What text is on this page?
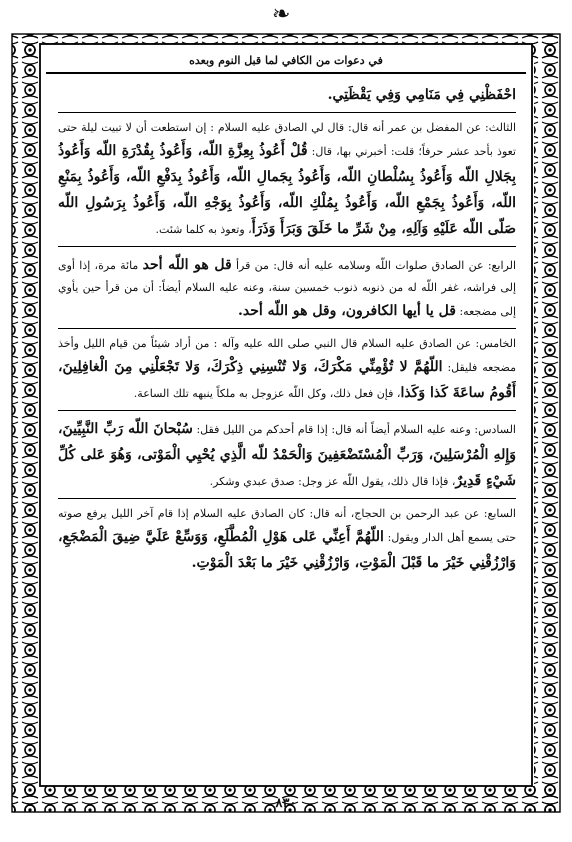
❧
في دعوات من الكافي لما قبل النوم وبعده

احْفَظْنِي فِي مَنَامِي وَفِي يَقْظَتِي.

الثالث: عن المفضل بن عمر أنه قال: قال لي الصادق عليه السلام : إن استطعت أن لا تبيت ليلة حتى تعوذ بأحد عشر حرفاً؛ قلت: أخبرني بها، قال: قُلْ أَعُوذُ بِعِزَّةِ اللّه، وَأَعُوذُ بِقُدْرَةِ اللّه وَأَعُوذُ بِجَلالِ اللّه وَأَعُوذُ بِسُلْطانِ اللّه، وَأَعُوذُ بِجَمالِ اللّه، وَأَعُوذُ بِدَفْعِ اللّه، وَأَعُوذُ بِمَنْعِ اللّه، وَأَعُوذُ بِجَمْعِ اللّه، وَأَعُوذُ بِمُلْكِ اللّه، وَأَعُوذُ بِوَجْهِ اللّه، وَأَعُوذُ بِرَسُولِ اللّه صَلّى اللّه عَلَيْهِ وَآلِهِ، مِنْ شَرِّ ما خَلَقَ وَبَرَأَ وَذَرَأَ، وتعوذ به كلما شئت.

الرابع: عن الصادق صلوات اللّه وسلامه عليه أنه قال: من قرأ قل هو اللّه أحد مائة مرة، إذا أوى إلى فراشه، غفر اللّه له من ذنوبه ذنوب خمسين سنة، وعنه عليه السلام أيضاً: أن من قرأ حين يأوي إلى مضجعه: قل يا أيها الكافرون، وقل هو اللّه أحد.

الخامس: عن الصادق عليه السلام قال النبي صلى الله عليه وآله : من أراد شيئاً من قيام الليل وأخذ مضجعه فليقل: اللّهُمَّ لا تُؤْمِنِّي مَكْرَكَ، وَلا تُنْسِنِي ذِكْرَكَ، وَلا تَجْعَلْنِي مِنَ الْغافِلِينَ، أَقُومُ ساعَةَ كَذا وَكَذا، فإن فعل ذلك، وكل اللّه عزوجل به ملكاً ينبهه تلك الساعة.

السادس: وعنه عليه السلام أيضاً أنه قال: إذا قام أحدكم من الليل فقل: سُبْحانَ اللّه رَبِّ النَّبِيِّينَ، وَإِلهِ الْمُرْسَلِينَ، وَرَبِّ الْمُسْتَضْعَفِينَ وَالْحَمْدُ للّه الَّذِي يُحْيِي الْمَوْتى، وَهُوَ عَلى كُلِّ شَيْءٍ قَدِيرٌ، فإذا قال ذلك، يقول اللّه عز وجل: صدق عبدي وشكر.

السابع: عن عبد الرحمن بن الحجاج، أنه قال: كان الصادق عليه السلام إذا قام آخر الليل يرفع صوته حتى يسمع أهل الدار ويقول: اللّهُمَّ أَعِنِّي عَلى هَوْلِ الْمُطَّلَعِ، وَوَسِّعْ عَلَيَّ ضِيقَ الْمَضْجَعِ، وَارْزُقْنِي خَيْرَ ما قَبْلَ الْمَوْتِ، وَارْزُقْنِي خَيْرَ ما بَعْدَ الْمَوْتِ.

٨٣٠
